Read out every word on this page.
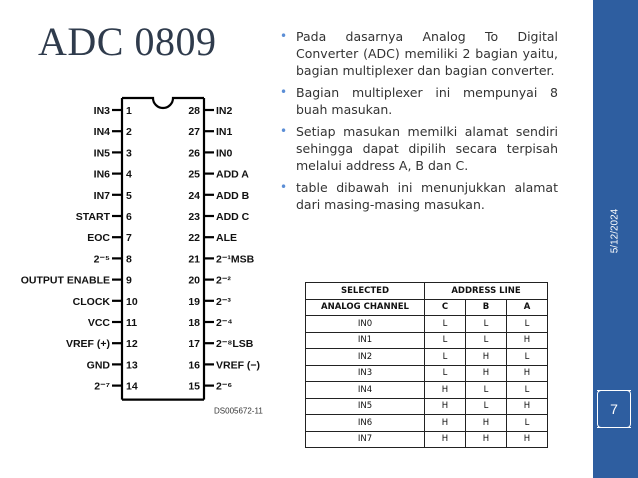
ADC 0809
IN3 1
IN4 2
IN5 3
IN6 4
IN7 5
START 6
EOC 7
2⁻⁵ 8
OUTPUT ENABLE 9
CLOCK 10
VCC 11
VREF (+) 12
GND 13
2⁻⁷ 14
28 IN2
27 IN1
26 IN0
25 ADD A
24 ADD B
23 ADD C
22 ALE
21 2⁻¹MSB
20 2⁻²
19 2⁻³
18 2⁻⁴
17 2⁻⁸LSB
16 VREF (−)
15 2⁻⁶
DS005672-11
• Pada dasarnya Analog To Digital Converter (ADC) memiliki 2 bagian yaitu, bagian multiplexer dan bagian converter.
• Bagian multiplexer ini mempunyai 8 buah masukan.
• Setiap masukan memilki alamat sendiri sehingga dapat dipilih secara terpisah melalui address A, B dan C.
• table dibawah ini menunjukkan alamat dari masing-masing masukan.
SELECTED	ADDRESS LINE		
ANALOG CHANNEL	C	B	A
IN0	L	L	L
IN1	L	L	H
IN2	L	H	L
IN3	L	H	H
IN4	H	L	L
IN5	H	L	H
IN6	H	H	L
IN7	H	H	H
5/12/2024
7
